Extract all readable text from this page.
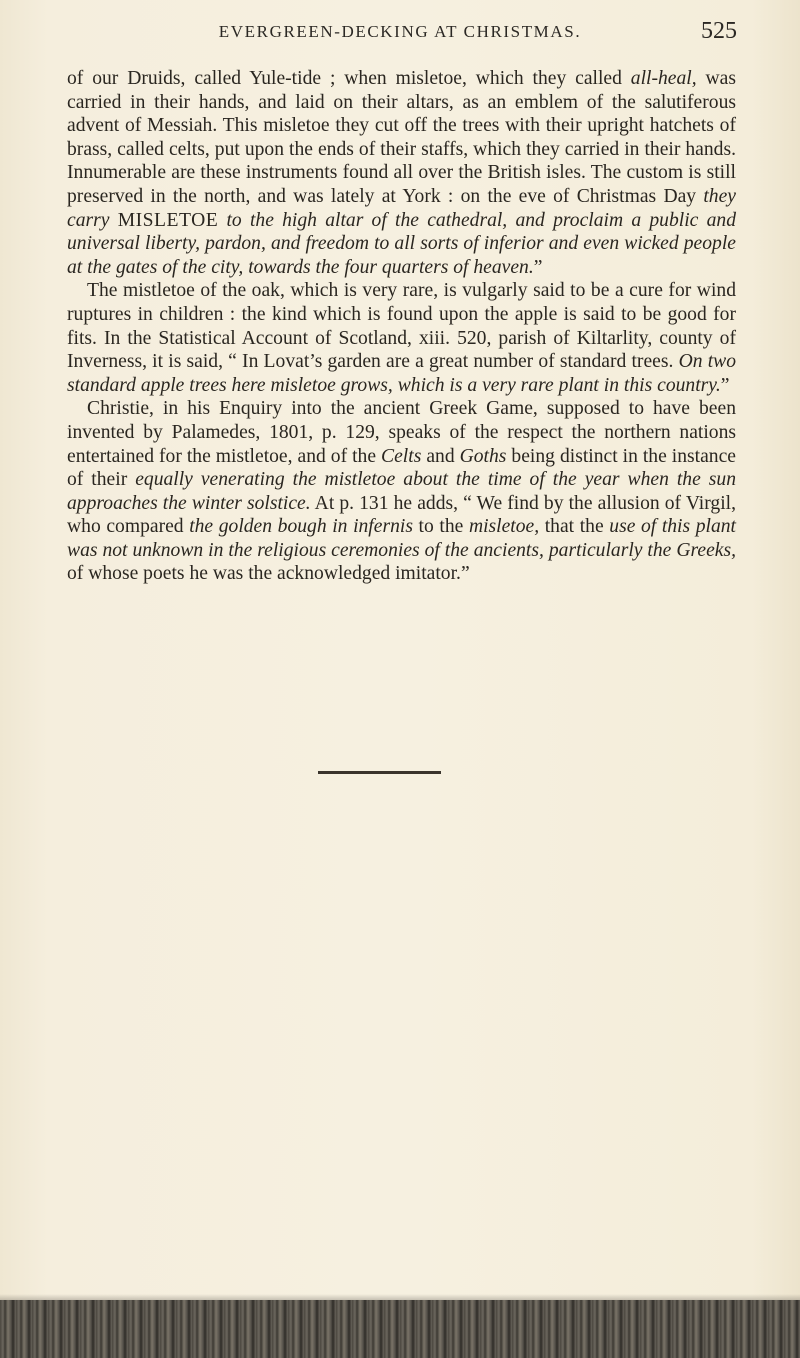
EVERGREEN-DECKING AT CHRISTMAS.	525

of our Druids, called Yule-tide ; when misletoe, which they called all-heal, was carried in their hands, and laid on their altars, as an emblem of the salutiferous advent of Messiah. This misletoe they cut off the trees with their upright hatchets of brass, called celts, put upon the ends of their staffs, which they carried in their hands. Innumerable are these instruments found all over the British isles. The custom is still preserved in the north, and was lately at York : on the eve of Christmas Day they carry MISLETOE to the high altar of the cathedral, and proclaim a public and universal liberty, pardon, and freedom to all sorts of inferior and even wicked people at the gates of the city, towards the four quarters of heaven.”

The mistletoe of the oak, which is very rare, is vulgarly said to be a cure for wind ruptures in children : the kind which is found upon the apple is said to be good for fits. In the Statistical Account of Scotland, xiii. 520, parish of Kiltarlity, county of Inverness, it is said, “ In Lovat’s garden are a great number of standard trees. On two standard apple trees here misletoe grows, which is a very rare plant in this country.”

Christie, in his Enquiry into the ancient Greek Game, supposed to have been invented by Palamedes, 1801, p. 129, speaks of the respect the northern nations entertained for the mistletoe, and of the Celts and Goths being distinct in the instance of their equally venerating the mistletoe about the time of the year when the sun approaches the winter solstice. At p. 131 he adds, “ We find by the allusion of Virgil, who compared the golden bough in infernis to the misletoe, that the use of this plant was not unknown in the religious ceremonies of the ancients, particularly the Greeks, of whose poets he was the acknowledged imitator.”
